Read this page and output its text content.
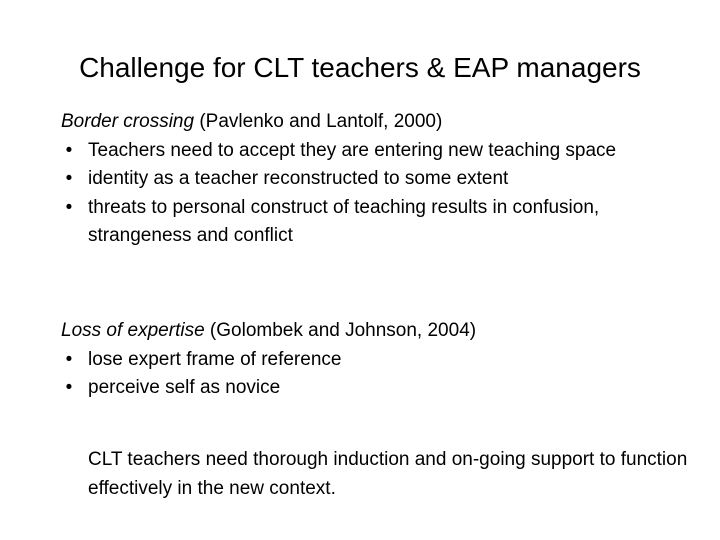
Challenge for CLT teachers & EAP managers
Border crossing (Pavlenko and Lantolf, 2000)
• Teachers need to accept they are entering new teaching space
• identity as a teacher reconstructed to some extent
• threats to personal construct of teaching results in confusion, strangeness and conflict
Loss of expertise (Golombek and Johnson, 2004)
• lose expert frame of reference
• perceive self as novice
CLT teachers need thorough induction and on-going support to function effectively in the new context.
